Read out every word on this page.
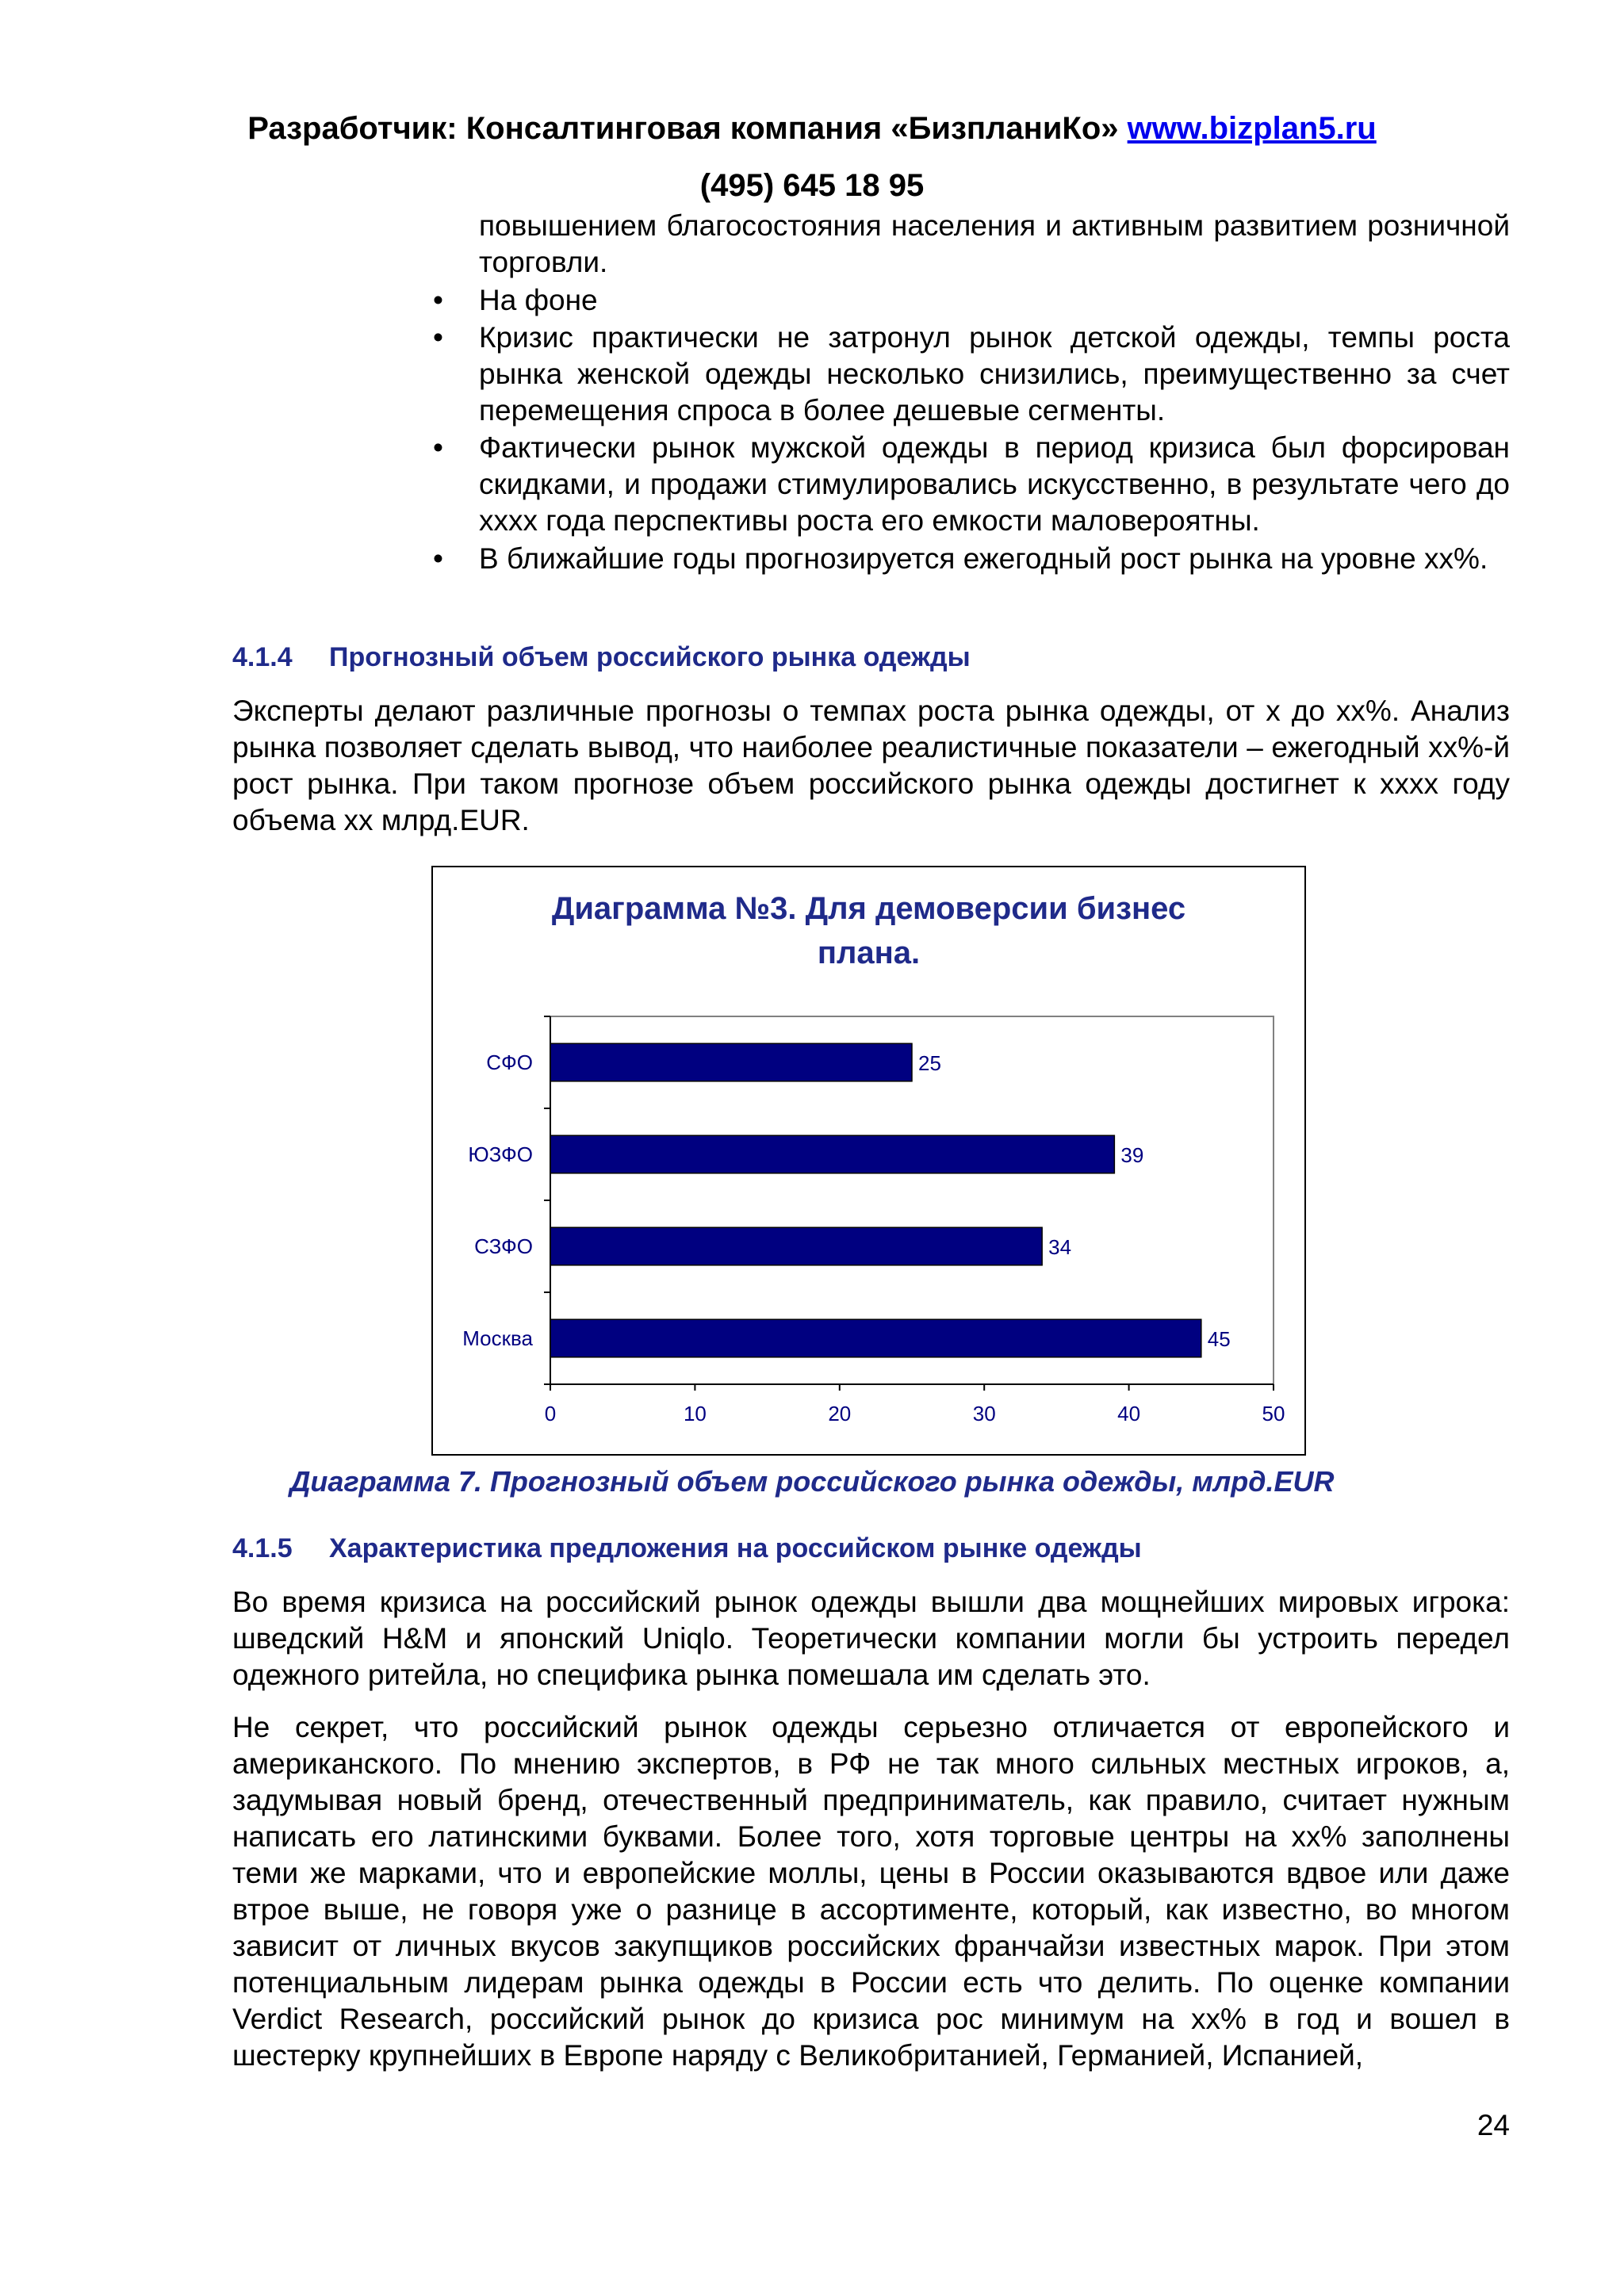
Разработчик: Консалтинговая компания «БизпланиКо» www.bizplan5.ru
(495) 645 18 95
повышением благосостояния населения и активным развитием розничной торговли.
• На фоне
• Кризис практически не затронул рынок детской одежды, темпы роста рынка женской одежды несколько снизились, преимущественно за счет перемещения спроса в более дешевые сегменты.
• Фактически рынок мужской одежды в период кризиса был форсирован скидками, и продажи стимулировались искусственно, в результате чего до хххх года перспективы роста его емкости маловероятны.
• В ближайшие годы прогнозируется ежегодный рост рынка на уровне хх%.
4.1.4 Прогнозный объем российского рынка одежды
Эксперты делают различные прогнозы о темпах роста рынка одежды, от х до хх%. Анализ рынка позволяет сделать вывод, что наиболее реалистичные показатели – ежегодный хх%-й рост рынка. При таком прогнозе объем российского рынка одежды достигнет к хххх году объема хх млрд.EUR.
Диаграмма №3. Для демоверсии бизнес плана.
0	10	20	30	40	50
СФО	25
ЮЗФО	39
СЗФО	34
Москва	45
Диаграмма 7. Прогнозный объем российского рынка одежды, млрд.EUR
4.1.5 Характеристика предложения на российском рынке одежды
Во время кризиса на российский рынок одежды вышли два мощнейших мировых игрока: шведский H&M и японский Uniqlo. Теоретически компании могли бы устроить передел одежного ритейла, но специфика рынка помешала им сделать это.
Не секрет, что российский рынок одежды серьезно отличается от европейского и американского. По мнению экспертов, в РФ не так много сильных местных игроков, а, задумывая новый бренд, отечественный предприниматель, как правило, считает нужным написать его латинскими буквами. Более того, хотя торговые центры на хх% заполнены теми же марками, что и европейские моллы, цены в России оказываются вдвое или даже втрое выше, не говоря уже о разнице в ассортименте, который, как известно, во многом зависит от личных вкусов закупщиков российских франчайзи известных марок. При этом потенциальным лидерам рынка одежды в России есть что делить. По оценке компании Verdict Research, российский рынок до кризиса рос минимум на хх% в год и вошел в шестерку крупнейших в Европе наряду с Великобританией, Германией, Испанией,
24
